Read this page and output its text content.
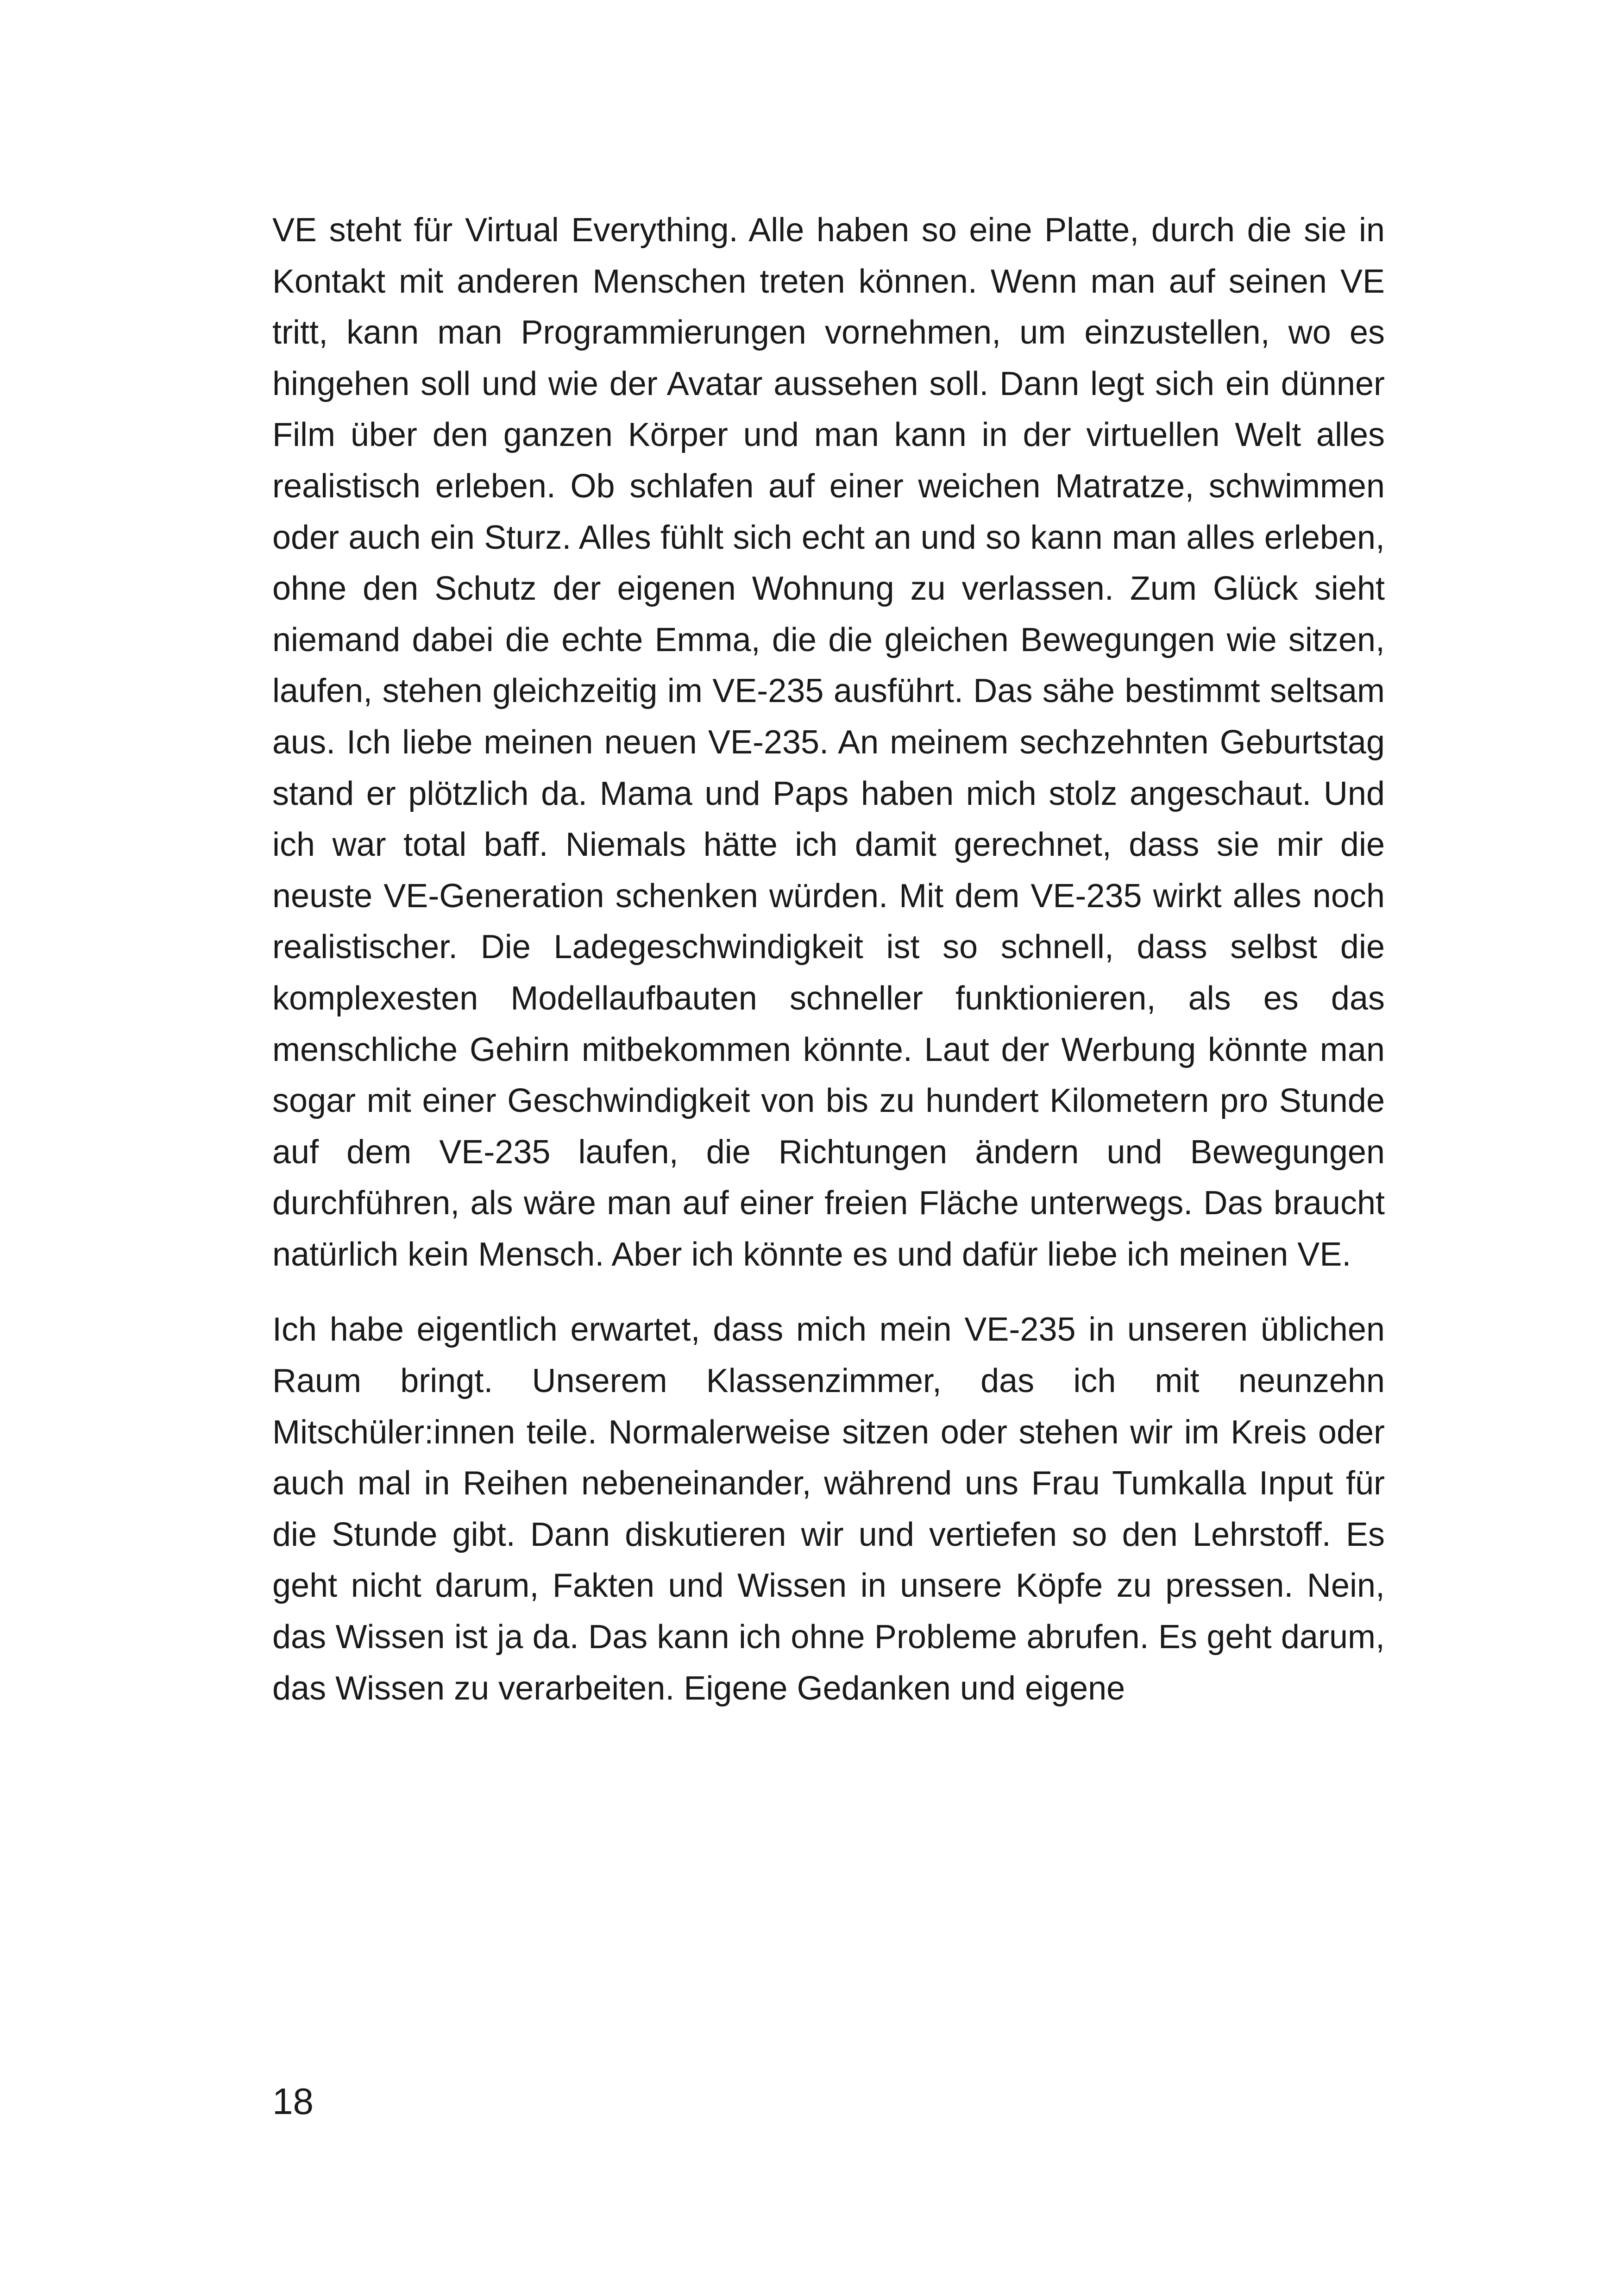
VE steht für Virtual Everything. Alle haben so eine Platte, durch die sie in Kontakt mit anderen Menschen treten können. Wenn man auf seinen VE tritt, kann man Programmierungen vornehmen, um einzustellen, wo es hingehen soll und wie der Avatar aussehen soll. Dann legt sich ein dünner Film über den ganzen Körper und man kann in der virtuellen Welt alles realistisch erleben. Ob schlafen auf einer weichen Matratze, schwimmen oder auch ein Sturz. Alles fühlt sich echt an und so kann man alles erleben, ohne den Schutz der eigenen Wohnung zu verlassen. Zum Glück sieht niemand dabei die echte Emma, die die gleichen Bewegungen wie sitzen, laufen, stehen gleichzeitig im VE-235 ausführt. Das sähe bestimmt seltsam aus. Ich liebe meinen neuen VE-235. An meinem sechzehnten Geburtstag stand er plötzlich da. Mama und Paps haben mich stolz angeschaut. Und ich war total baff. Niemals hätte ich damit gerechnet, dass sie mir die neuste VE-Generation schenken würden. Mit dem VE-235 wirkt alles noch realistischer. Die Ladegeschwindigkeit ist so schnell, dass selbst die komplexesten Modellaufbauten schneller funktionieren, als es das menschliche Gehirn mitbekommen könnte. Laut der Werbung könnte man sogar mit einer Geschwindigkeit von bis zu hundert Kilometern pro Stunde auf dem VE-235 laufen, die Richtungen ändern und Bewegungen durchführen, als wäre man auf einer freien Fläche unterwegs. Das braucht natürlich kein Mensch. Aber ich könnte es und dafür liebe ich meinen VE.

Ich habe eigentlich erwartet, dass mich mein VE-235 in unseren üblichen Raum bringt. Unserem Klassenzimmer, das ich mit neunzehn Mitschüler:innen teile. Normalerweise sitzen oder stehen wir im Kreis oder auch mal in Reihen nebeneinander, während uns Frau Tumkalla Input für die Stunde gibt. Dann diskutieren wir und vertiefen so den Lehrstoff. Es geht nicht darum, Fakten und Wissen in unsere Köpfe zu pressen. Nein, das Wissen ist ja da. Das kann ich ohne Probleme abrufen. Es geht darum, das Wissen zu verarbeiten. Eigene Gedanken und eigene

18
